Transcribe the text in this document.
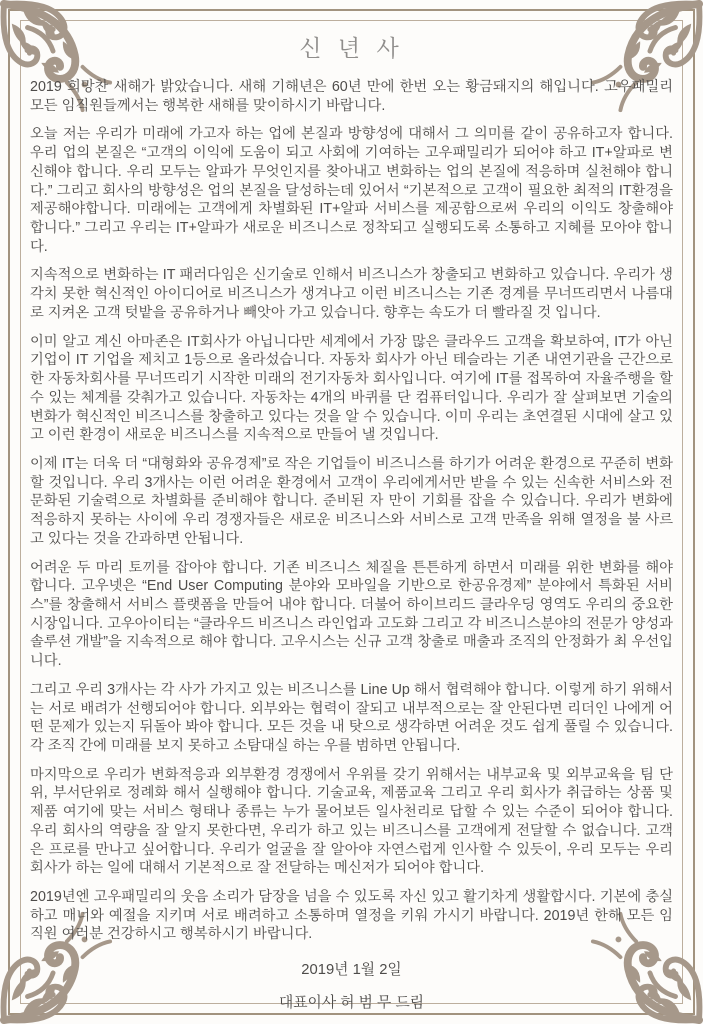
신 년 사

2019 희망찬 새해가 밝았습니다. 새해 기해년은 60년 만에 한번 오는 황금돼지의 해입니다. 고우패밀리 모든 임직원들께서는 행복한 새해를 맞이하시기 바랍니다.

오늘 저는 우리가 미래에 가고자 하는 업에 본질과 방향성에 대해서 그 의미를 같이 공유하고자 합니다. 우리 업의 본질은 “고객의 이익에 도움이 되고 사회에 기여하는 고우패밀리가 되어야 하고 IT+알파로 변신해야 합니다. 우리 모두는 알파가 무엇인지를 찾아내고 변화하는 업의 본질에 적응하며 실천해야 합니다.” 그리고 회사의 방향성은 업의 본질을 달성하는데 있어서 “기본적으로 고객이 필요한 최적의 IT환경을 제공해야합니다. 미래에는 고객에게 차별화된 IT+알파 서비스를 제공함으로써 우리의 이익도 창출해야 합니다.” 그리고 우리는 IT+알파가 새로운 비즈니스로 정착되고 실행되도록 소통하고 지혜를 모아야 합니다.

지속적으로 변화하는 IT 패러다임은 신기술로 인해서 비즈니스가 창출되고 변화하고 있습니다. 우리가 생각치 못한 혁신적인 아이디어로 비즈니스가 생겨나고 이런 비즈니스는 기존 경계를 무너뜨리면서 나름대로 지켜온 고객 텃밭을 공유하거나 빼앗아 가고 있습니다. 향후는 속도가 더 빨라질 것 입니다.

이미 알고 계신 아마존은 IT회사가 아닙니다만 세계에서 가장 많은 클라우드 고객을 확보하여, IT가 아닌 기업이 IT 기업을 제치고 1등으로 올라섰습니다. 자동차 회사가 아닌 테슬라는 기존 내연기관을 근간으로 한 자동차회사를 무너뜨리기 시작한 미래의 전기자동차 회사입니다. 여기에 IT를 접목하여 자율주행을 할 수 있는 체계를 갖춰가고 있습니다. 자동차는 4개의 바퀴를 단 컴퓨터입니다. 우리가 잘 살펴보면 기술의 변화가 혁신적인 비즈니스를 창출하고 있다는 것을 알 수 있습니다. 이미 우리는 초연결된 시대에 살고 있고 이런 환경이 새로운 비즈니스를 지속적으로 만들어 낼 것입니다.

이제 IT는 더욱 더 “대형화와 공유경제”로 작은 기업들이 비즈니스를 하기가 어려운 환경으로 꾸준히 변화 할 것입니다. 우리 3개사는 이런 어려운 환경에서 고객이 우리에게서만 받을 수 있는 신속한 서비스와 전문화된 기술력으로 차별화를 준비해야 합니다. 준비된 자 만이 기회를 잡을 수 있습니다. 우리가 변화에 적응하지 못하는 사이에 우리 경쟁자들은 새로운 비즈니스와 서비스로 고객 만족을 위해 열정을 불 사르고 있다는 것을 간과하면 안됩니다.

어려운 두 마리 토끼를 잡아야 합니다. 기존 비즈니스 체질을 튼튼하게 하면서 미래를 위한 변화를 해야 합니다. 고우넷은 “End User Computing 분야와 모바일을 기반으로 한공유경제” 분야에서 특화된 서비스”를 창출해서 서비스 플랫폼을 만들어 내야 합니다. 더불어 하이브리드 클라우딩 영역도 우리의 중요한 시장입니다. 고우아이티는 “클라우드 비즈니스 라인업과 고도화 그리고 각 비즈니스분야의 전문가 양성과 솔루션 개발”을 지속적으로 해야 합니다. 고우시스는 신규 고객 창출로 매출과 조직의 안정화가 최 우선입니다.

그리고 우리 3개사는 각 사가 가지고 있는 비즈니스를 Line Up 해서 협력해야 합니다. 이렇게 하기 위해서는 서로 배려가 선행되어야 합니다. 외부와는 협력이 잘되고 내부적으로는 잘 안된다면 리더인 나에게 어떤 문제가 있는지 뒤돌아 봐야 합니다. 모든 것을 내 탓으로 생각하면 어려운 것도 쉽게 풀릴 수 있습니다. 각 조직 간에 미래를 보지 못하고 소탐대실 하는 우를 범하면 안됩니다.

마지막으로 우리가 변화적응과 외부환경 경쟁에서 우위를 갖기 위해서는 내부교육 및 외부교육을 팀 단위, 부서단위로 정례화 해서 실행해야 합니다. 기술교육, 제품교육 그리고 우리 회사가 취급하는 상품 및 제품 여기에 맞는 서비스 형태나 종류는 누가 물어보든 일사천리로 답할 수 있는 수준이 되어야 합니다. 우리 회사의 역량을 잘 알지 못한다면, 우리가 하고 있는 비즈니스를 고객에게 전달할 수 없습니다. 고객은 프로를 만나고 싶어합니다. 우리가 얼굴을 잘 알아야 자연스럽게 인사할 수 있듯이, 우리 모두는 우리 회사가 하는 일에 대해서 기본적으로 잘 전달하는 메신저가 되어야 합니다.

2019년엔 고우패밀리의 웃음 소리가 담장을 넘을 수 있도록 자신 있고 활기차게 생활합시다. 기본에 충실하고 매너와 예절을 지키며 서로 배려하고 소통하며 열정을 키워 가시기 바랍니다. 2019년 한해 모든 임직원 여러분 건강하시고 행복하시기 바랍니다.

2019년 1월 2일

대표이사 허 범 무 드림
